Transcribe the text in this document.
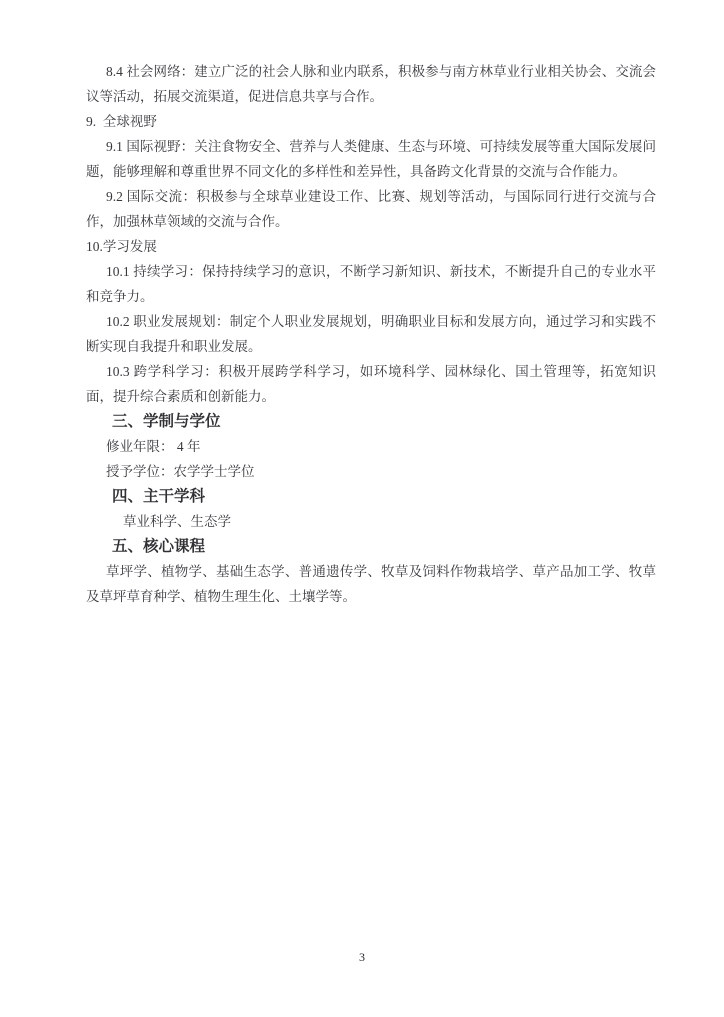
8.4 社会网络：建立广泛的社会人脉和业内联系，积极参与南方林草业行业相关协会、交流会议等活动，拓展交流渠道，促进信息共享与合作。

9.  全球视野

9.1 国际视野：关注食物安全、营养与人类健康、生态与环境、可持续发展等重大国际发展问题，能够理解和尊重世界不同文化的多样性和差异性，具备跨文化背景的交流与合作能力。

9.2 国际交流：积极参与全球草业建设工作、比赛、规划等活动，与国际同行进行交流与合作，加强林草领域的交流与合作。

10.学习发展

10.1 持续学习：保持持续学习的意识，不断学习新知识、新技术，不断提升自己的专业水平和竞争力。

10.2 职业发展规划：制定个人职业发展规划，明确职业目标和发展方向，通过学习和实践不断实现自我提升和职业发展。

10.3 跨学科学习：积极开展跨学科学习，如环境科学、园林绿化、国土管理等，拓宽知识面，提升综合素质和创新能力。

三、学制与学位

修业年限： 4 年

授予学位：农学学士学位

四、主干学科

草业科学、生态学

五、核心课程

草坪学、植物学、基础生态学、普通遗传学、牧草及饲料作物栽培学、草产品加工学、牧草及草坪草育种学、植物生理生化、土壤学等。

3
